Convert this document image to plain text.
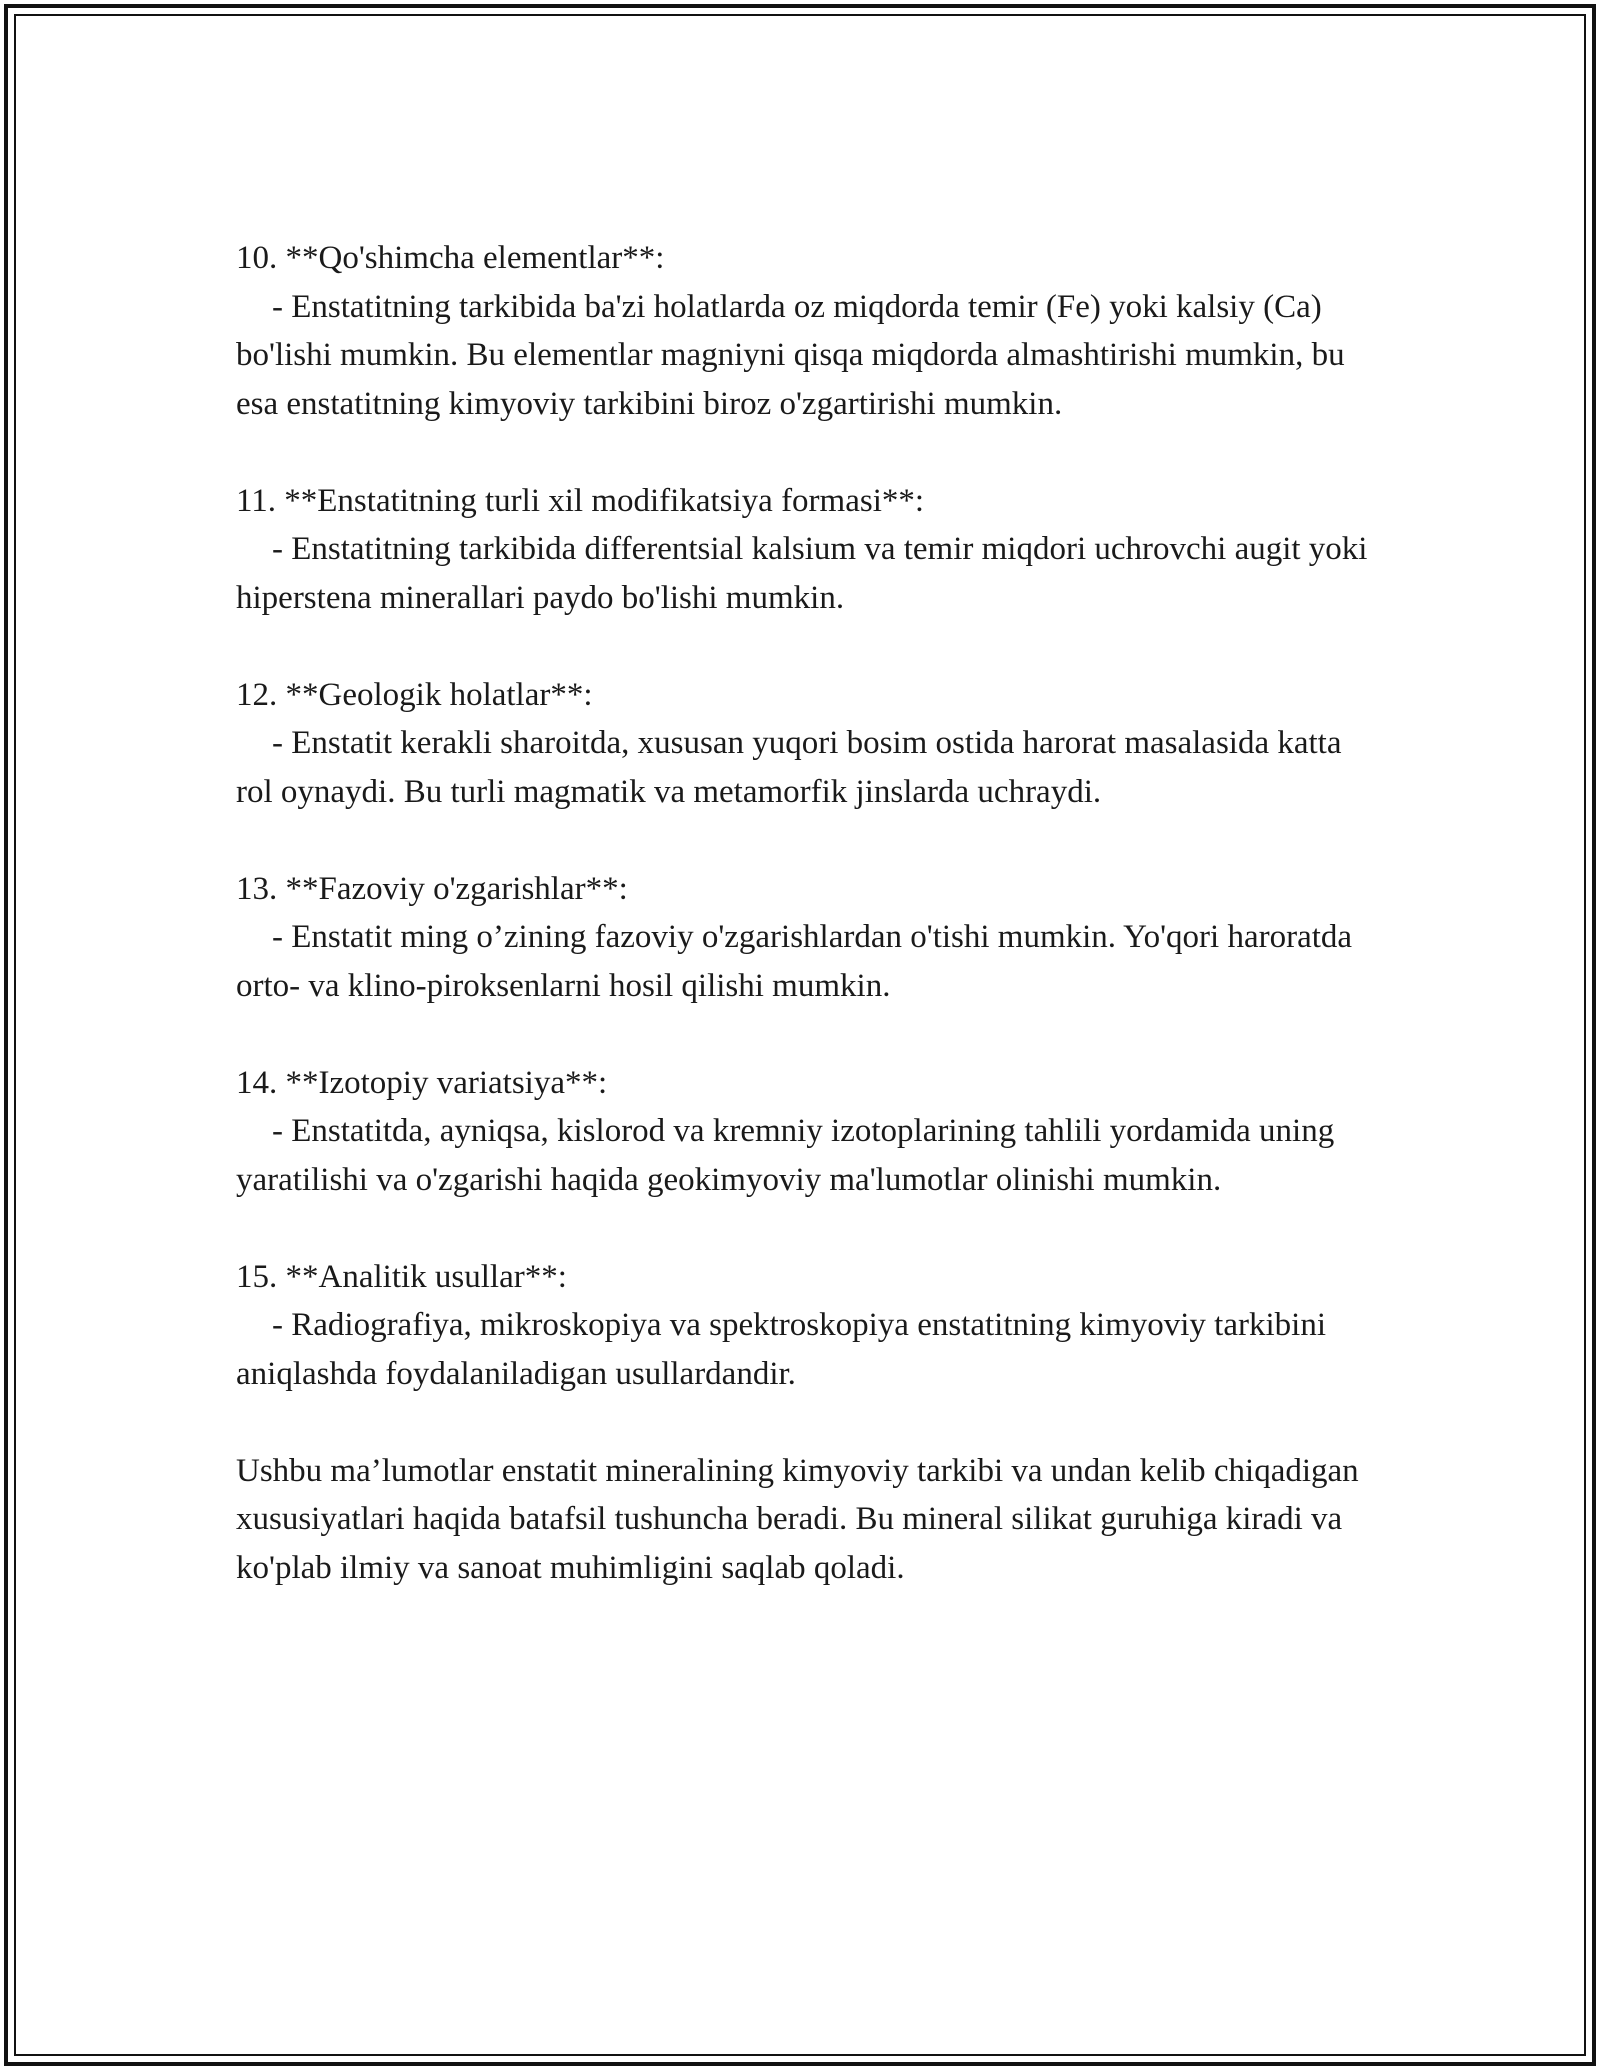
10. **Qo'shimcha elementlar**:

- Enstatitning tarkibida ba'zi holatlarda oz miqdorda temir (Fe) yoki kalsiy (Ca) bo'lishi mumkin. Bu elementlar magniyni qisqa miqdorda almashtirishi mumkin, bu esa enstatitning kimyoviy tarkibini biroz o'zgartirishi mumkin.

11. **Enstatitning turli xil modifikatsiya formasi**:

- Enstatitning tarkibida differentsial kalsium va temir miqdori uchrovchi augit yoki hiperstena minerallari paydo bo'lishi mumkin.

12. **Geologik holatlar**:

- Enstatit kerakli sharoitda, xususan yuqori bosim ostida harorat masalasida katta rol oynaydi. Bu turli magmatik va metamorfik jinslarda uchraydi.

13. **Fazoviy o'zgarishlar**:

- Enstatit ming o’zining fazoviy o'zgarishlardan o'tishi mumkin. Yo'qori haroratda orto- va klino-piroksenlarni hosil qilishi mumkin.

14. **Izotopiy variatsiya**:

- Enstatitda, ayniqsa, kislorod va kremniy izotoplarining tahlili yordamida uning yaratilishi va o'zgarishi haqida geokimyoviy ma'lumotlar olinishi mumkin.

15. **Analitik usullar**:

- Radiografiya, mikroskopiya va spektroskopiya enstatitning kimyoviy tarkibini aniqlashda foydalaniladigan usullardandir.

Ushbu ma’lumotlar enstatit mineralining kimyoviy tarkibi va undan kelib chiqadigan xususiyatlari haqida batafsil tushuncha beradi. Bu mineral silikat guruhiga kiradi va ko'plab ilmiy va sanoat muhimligini saqlab qoladi.
